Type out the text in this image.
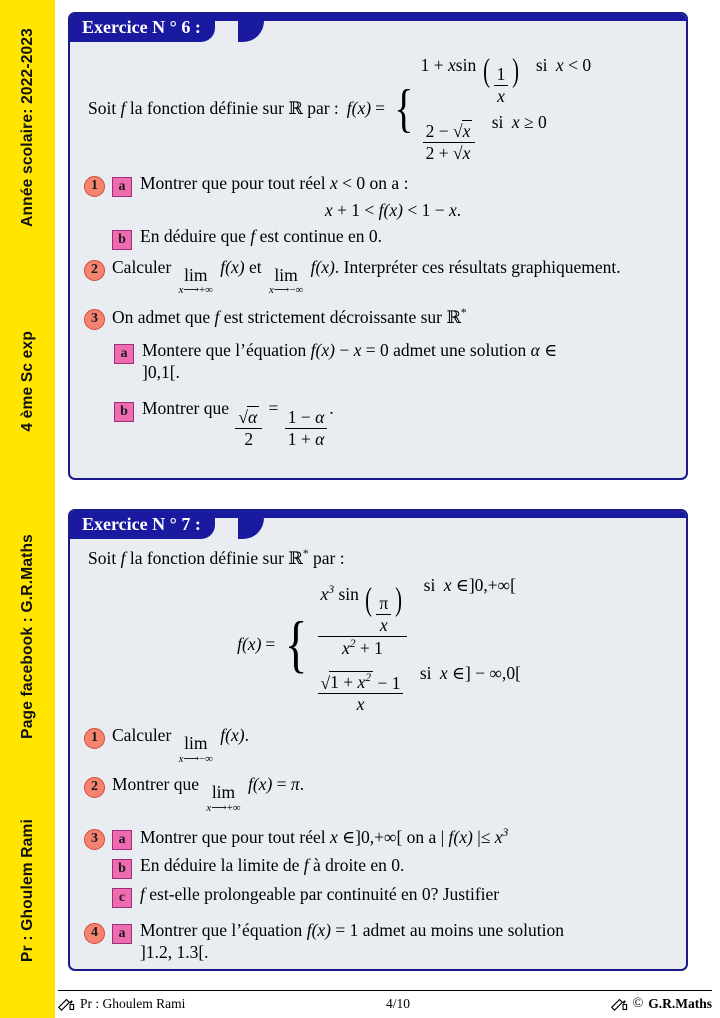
Année scolaire: 2022-2023
4 ème Sc exp
Page facebook : G.R.Maths
Pr : Ghoulem Rami
Exercice N ° 6 :
Soit f la fonction définie sur ℝ par : f (x) = {
1 + xsin ( $\frac{1}{x}$ ) si x < 0
$\frac{2 - √x}{2 + √x}$
si x ≥ 0
1	a Montrer que pour tout réel x < 0 on a :
x + 1 < f(x) < 1 − x.
b En déduire que f est continue en 0.
2 Calculer lim
x⟶+∞
f(x) et lim
x⟶−∞
f(x). Interpréter ces résultats graphiquement.
3 On admet que f est strictement décroissante sur ℝ*
a Montere que l’équation f(x) − x = 0 admet une solution α ∈
]0,1[.
b Montrer que
$\frac{√\alpha}{2}$
=
$\frac{1 - \alpha}{1 + \alpha}$
.
Exercice N ° 7 :
Soit f la fonction définie sur ℝ* par :
f (x) = { $\frac{x^3 \sin ( \frac{\pi}{x} )}{x^2 + 1}$ si x ∈]0,+∞[
$\frac{√1 + x^2 - 1}{x}$ si x ∈] − ∞,0[
1 Calculer lim
x⟶−∞
f(x).
2 Montrer que lim
x⟶+∞
f(x) = π.
3	a Montrer que pour tout réel x ∈]0,+∞[ on a | f(x) |≤ $x^3$
b En déduire la limite de f à droite en 0.
c f est-elle prolongeable par continuité en 0? Justifier
4	a Montrer que l’équation f(x) = 1 admet au moins une solution
]1.2, 1.3[.
Pr : Ghoulem Rami	4/10	© G.R.Maths
